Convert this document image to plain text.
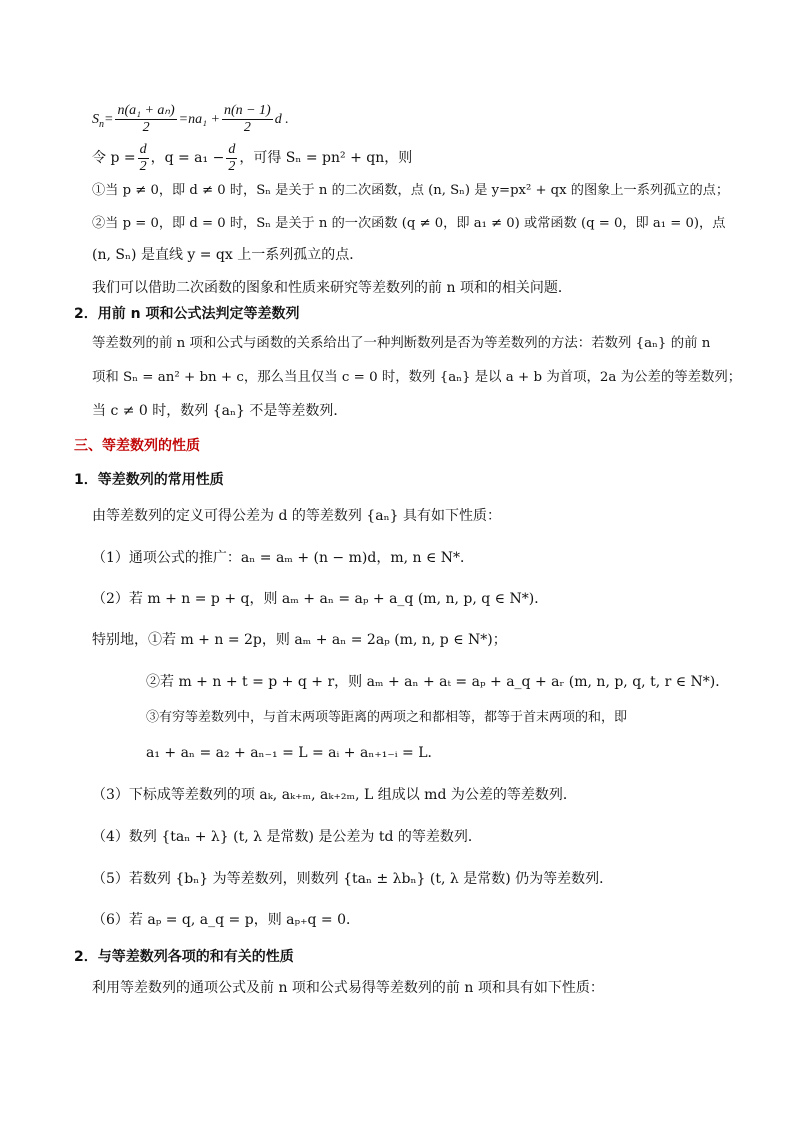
$S_n= \frac{\text{n(a₁ + aₙ)}}{2} =na_1 + \frac{n(n - 1)}{2}$ d .
令 $p = \frac{d}{2}$ ，$q = a_1 - \frac{d}{2}$ ，可得 Sₙ = pn² + qn，则
①当 p ≠ 0，即 d ≠ 0 时，Sₙ 是关于 n 的二次函数，点 (n, Sₙ) 是 y=px² + qx 的图象上一系列孤立的点；
②当 p = 0，即 d = 0 时，Sₙ 是关于 n 的一次函数 (q ≠ 0，即 a₁ ≠ 0) 或常函数 (q = 0，即 a₁ = 0)，点
(n, Sₙ) 是直线 y = qx 上一系列孤立的点．
我们可以借助二次函数的图象和性质来研究等差数列的前 n 项和的相关问题．
2．用前 n 项和公式法判定等差数列
等差数列的前 n 项和公式与函数的关系给出了一种判断数列是否为等差数列的方法：若数列 {aₙ} 的前 n
项和 Sₙ = an² + bn + c，那么当且仅当 c = 0 时，数列 {aₙ} 是以 a + b 为首项，2a 为公差的等差数列；
当 c ≠ 0 时，数列 {aₙ} 不是等差数列．
三、等差数列的性质
1．等差数列的常用性质
由等差数列的定义可得公差为 d 的等差数列 {aₙ} 具有如下性质：
（1）通项公式的推广：aₙ = aₘ + (n − m)d，m, n ∈ N*．
（2）若 m + n = p + q，则 aₘ + aₙ = aₚ + a_q (m, n, p, q ∈ N*)．
特别地，①若 m + n = 2p，则 aₘ + aₙ = 2aₚ (m, n, p ∈ N*)；
②若 m + n + t = p + q + r，则 aₘ + aₙ + aₜ = aₚ + a_q + aᵣ (m, n, p, q, t, r ∈ N*)．
③有穷等差数列中，与首末两项等距离的两项之和都相等，都等于首末两项的和，即
a₁ + aₙ = a₂ + aₙ₋₁ = L = aᵢ + aₙ₊₁₋ᵢ = L．
（3）下标成等差数列的项 aₖ, aₖ₊ₘ, aₖ₊₂ₘ, L 组成以 md 为公差的等差数列．
（4）数列 {taₙ + λ} (t, λ 是常数) 是公差为 td 的等差数列．
（5）若数列 {bₙ} 为等差数列，则数列 {taₙ ± λbₙ} (t, λ 是常数) 仍为等差数列．
（6）若 aₚ = q, a_q = p，则 aₚ₊q = 0．
2．与等差数列各项的和有关的性质
利用等差数列的通项公式及前 n 项和公式易得等差数列的前 n 项和具有如下性质：
